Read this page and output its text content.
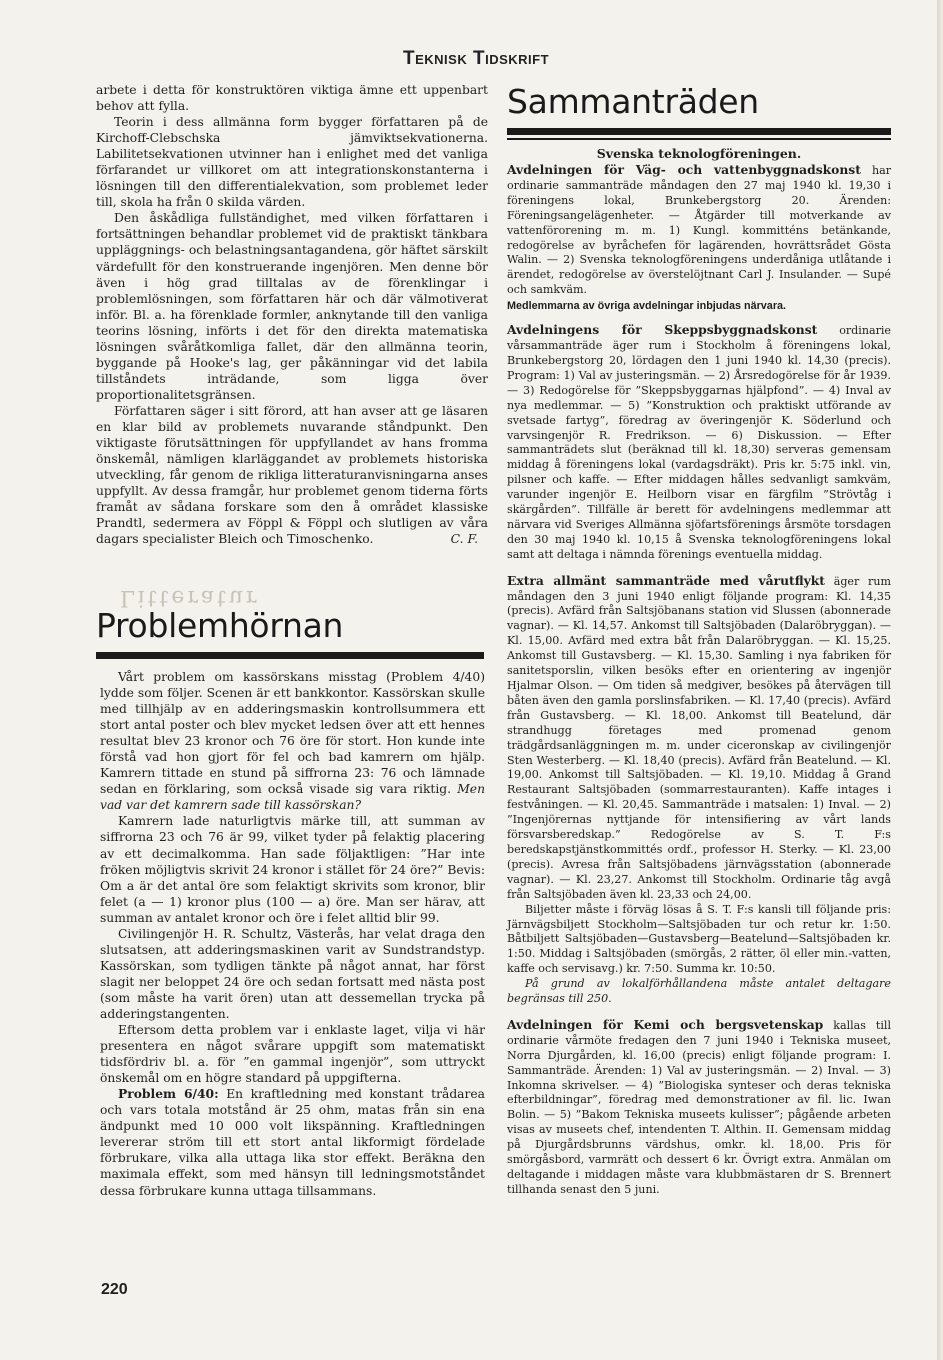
Teknisk Tidskrift

arbete i detta för konstruktören viktiga ämne ett uppenbart behov att fylla.

Teorin i dess allmänna form bygger författaren på de Kirchoff-Clebschska jämviktsekvationerna. Labilitetsekvationen utvinner han i enlighet med det vanliga förfarandet ur villkoret om att integrationskonstanterna i lösningen till den differentialekvation, som problemet leder till, skola ha från 0 skilda värden.

Den åskådliga fullständighet, med vilken författaren i fortsättningen behandlar problemet vid de praktiskt tänkbara uppläggnings- och belastningsantagandena, gör häftet särskilt värdefullt för den konstruerande ingenjören. Men denne bör även i hög grad tilltalas av de förenklingar i problemlösningen, som författaren här och där välmotiverat inför. Bl. a. ha förenklade formler, anknytande till den vanliga teorins lösning, införts i det för den direkta matematiska lösningen svåråtkomliga fallet, där den allmänna teorin, byggande på Hooke's lag, ger påkänningar vid det labila tillståndets inträdande, som ligga över proportionalitetsgränsen.

Författaren säger i sitt förord, att han avser att ge läsaren en klar bild av problemets nuvarande ståndpunkt. Den viktigaste förutsättningen för uppfyllandet av hans fromma önskemål, nämligen klarläggandet av problemets historiska utveckling, får genom de rikliga litteraturanvisningarna anses uppfyllt. Av dessa framgår, hur problemet genom tiderna förts framåt av sådana forskare som den å området klassiske Prandtl, sedermera av Föppl & Föppl och slutligen av våra dagars specialister Bleich och Timoschenko.	C. F.

Litteratur
Problemhörnan

Vårt problem om kassörskans misstag (Problem 4/40) lydde som följer. Scenen är ett bankkontor. Kassörskan skulle med tillhjälp av en adderingsmaskin kontrollsummera ett stort antal poster och blev mycket ledsen över att ett hennes resultat blev 23 kronor och 76 öre för stort. Hon kunde inte förstå vad hon gjort för fel och bad kamrern om hjälp. Kamrern tittade en stund på siffrorna 23: 76 och lämnade sedan en förklaring, som också visade sig vara riktig. Men vad var det kamrern sade till kassörskan?

Kamrern lade naturligtvis märke till, att summan av siffrorna 23 och 76 är 99, vilket tyder på felaktig placering av ett decimalkomma. Han sade följaktligen: ”Har inte fröken möjligtvis skrivit 24 kronor i stället för 24 öre?” Bevis: Om a är det antal öre som felaktigt skrivits som kronor, blir felet (a — 1) kronor plus (100 — a) öre. Man ser härav, att summan av antalet kronor och öre i felet alltid blir 99.

Civilingenjör H. R. Schultz, Västerås, har velat draga den slutsatsen, att adderingsmaskinen varit av Sundstrandstyp. Kassörskan, som tydligen tänkte på något annat, har först slagit ner beloppet 24 öre och sedan fortsatt med nästa post (som måste ha varit ören) utan att dessemellan trycka på adderingstangenten.

Eftersom detta problem var i enklaste laget, vilja vi här presentera en något svårare uppgift som matematiskt tidsfördriv bl. a. för ”en gammal ingenjör”, som uttryckt önskemål om en högre standard på uppgifterna.

Problem 6/40: En kraftledning med konstant trådarea och vars totala motstånd är 25 ohm, matas från sin ena ändpunkt med 10 000 volt likspänning. Kraftledningen levererar ström till ett stort antal likformigt fördelade förbrukare, vilka alla uttaga lika stor effekt. Beräkna den maximala effekt, som med hänsyn till ledningsmotståndet dessa förbrukare kunna uttaga tillsammans.

Sammanträden
Svenska teknologföreningen.

Avdelningen för Väg- och vattenbyggnadskonst har ordinarie sammanträde måndagen den 27 maj 1940 kl. 19,30 i föreningens lokal, Brunkebergstorg 20. Ärenden: Föreningsangelägenheter. — Åtgärder till motverkande av vattenförorening m. m. 1) Kungl. kommitténs betänkande, redogörelse av byråchefen för lagärenden, hovrättsrådet Gösta Walin. — 2) Svenska teknologföreningens underdåniga utlåtande i ärendet, redogörelse av överstelöjtnant Carl J. Insulander. — Supé och samkväm.

Medlemmarna av övriga avdelningar inbjudas närvara.

Avdelningens för Skeppsbyggnadskonst ordinarie vårsammanträde äger rum i Stockholm å föreningens lokal, Brunkebergstorg 20, lördagen den 1 juni 1940 kl. 14,30 (precis). Program: 1) Val av justeringsmän. — 2) Årsredogörelse för år 1939. — 3) Redogörelse för ”Skeppsbyggarnas hjälpfond”. — 4) Inval av nya medlemmar. — 5) ”Konstruktion och praktiskt utförande av svetsade fartyg”, föredrag av överingenjör K. Söderlund och varvsingenjör R. Fredrikson. — 6) Diskussion. — Efter sammanträdets slut (beräknad till kl. 18,30) serveras gemensam middag å föreningens lokal (vardagsdräkt). Pris kr. 5:75 inkl. vin, pilsner och kaffe. — Efter middagen hålles sedvanligt samkväm, varunder ingenjör E. Heilborn visar en färgfilm ”Strövtåg i skärgården”. Tillfälle är berett för avdelningens medlemmar att närvara vid Sveriges Allmänna sjöfartsförenings årsmöte torsdagen den 30 maj 1940 kl. 10,15 å Svenska teknologföreningens lokal samt att deltaga i nämnda förenings eventuella middag.

Extra allmänt sammanträde med vårutflykt äger rum måndagen den 3 juni 1940 enligt följande program: Kl. 14,35 (precis). Avfärd från Saltsjöbanans station vid Slussen (abonnerade vagnar). — Kl. 14,57. Ankomst till Saltsjöbaden (Dalaröbryggan). — Kl. 15,00. Avfärd med extra båt från Dalaröbryggan. — Kl. 15,25. Ankomst till Gustavsberg. — Kl. 15,30. Samling i nya fabriken för sanitetsporslin, vilken besöks efter en orientering av ingenjör Hjalmar Olson. — Om tiden så medgiver, besökes på återvägen till båten även den gamla porslinsfabriken. — Kl. 17,40 (precis). Avfärd från Gustavsberg. — Kl. 18,00. Ankomst till Beatelund, där strandhugg företages med promenad genom trädgårdsanläggningen m. m. under ciceronskap av civilingenjör Sten Westerberg. — Kl. 18,40 (precis). Avfärd från Beatelund. — Kl. 19,00. Ankomst till Saltsjöbaden. — Kl. 19,10. Middag å Grand Restaurant Saltsjöbaden (sommarrestauranten). Kaffe intages i festvåningen. — Kl. 20,45. Sammanträde i matsalen: 1) Inval. — 2) ”Ingenjörernas nyttjande för intensifiering av vårt lands försvarsberedskap.” Redogörelse av S. T. F:s beredskapstjänstkommittés ordf., professor H. Sterky. — Kl. 23,00 (precis). Avresa från Saltsjöbadens järnvägsstation (abonnerade vagnar). — Kl. 23,27. Ankomst till Stockholm. Ordinarie tåg avgå från Saltsjöbaden även kl. 23,33 och 24,00.

Biljetter måste i förväg lösas å S. T. F:s kansli till följande pris: Järnvägsbiljett Stockholm—Saltsjöbaden tur och retur kr. 1:50. Båtbiljett Saltsjöbaden—Gustavsberg—Beatelund—Saltsjöbaden kr. 1:50. Middag i Saltsjöbaden (smörgås, 2 rätter, öl eller min.-vatten, kaffe och servisavg.) kr. 7:50. Summa kr. 10:50.

På grund av lokalförhållandena måste antalet deltagare begränsas till 250.

Avdelningen för Kemi och bergsvetenskap kallas till ordinarie vårmöte fredagen den 7 juni 1940 i Tekniska museet, Norra Djurgården, kl. 16,00 (precis) enligt följande program: I. Sammanträde. Ärenden: 1) Val av justeringsmän. — 2) Inval. — 3) Inkomna skrivelser. — 4) ”Biologiska synteser och deras tekniska efterbildningar”, föredrag med demonstrationer av fil. lic. Iwan Bolin. — 5) ”Bakom Tekniska museets kulisser”; pågående arbeten visas av museets chef, intendenten T. Althin. II. Gemensam middag på Djurgårdsbrunns värdshus, omkr. kl. 18,00. Pris för smörgåsbord, varmrätt och dessert 6 kr. Övrigt extra. Anmälan om deltagande i middagen måste vara klubbmästaren dr S. Brennert tillhanda senast den 5 juni.

220
